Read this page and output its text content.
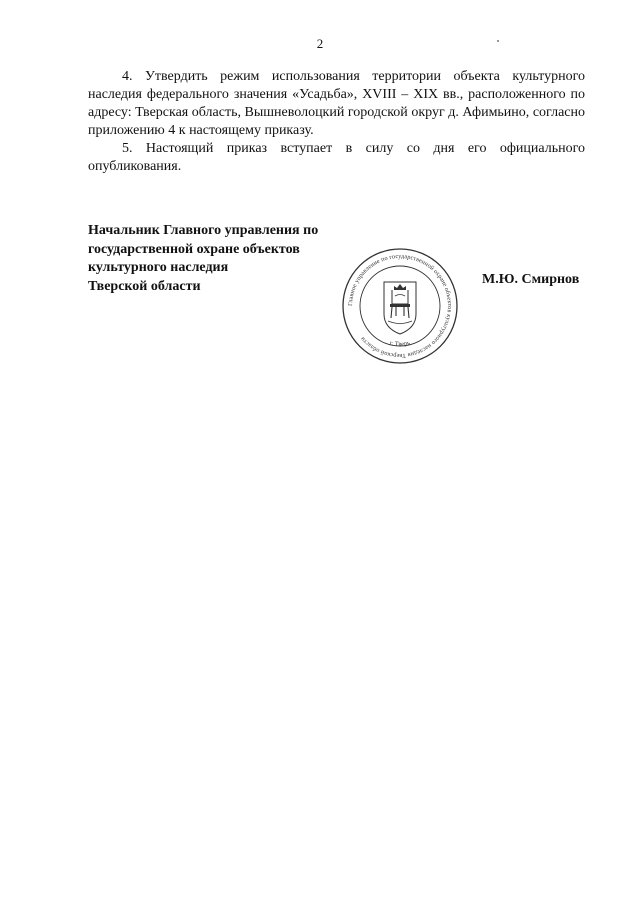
2

4. Утвердить режим использования территории объекта культурного наследия федерального значения «Усадьба», XVIII – XIX вв., расположенного по адресу: Тверская область, Вышневолоцкий городской округ д. Афимьино, согласно приложению 4 к настоящему приказу.

5. Настоящий приказ вступает в силу со дня его официального опубликования.

Начальник Главного управления по
государственной охране объектов
культурного наследия
Тверской области
Главное управление по государственной охране объектов культурного наследия Тверской области
г. Тверь
М.Ю. Смирнов
